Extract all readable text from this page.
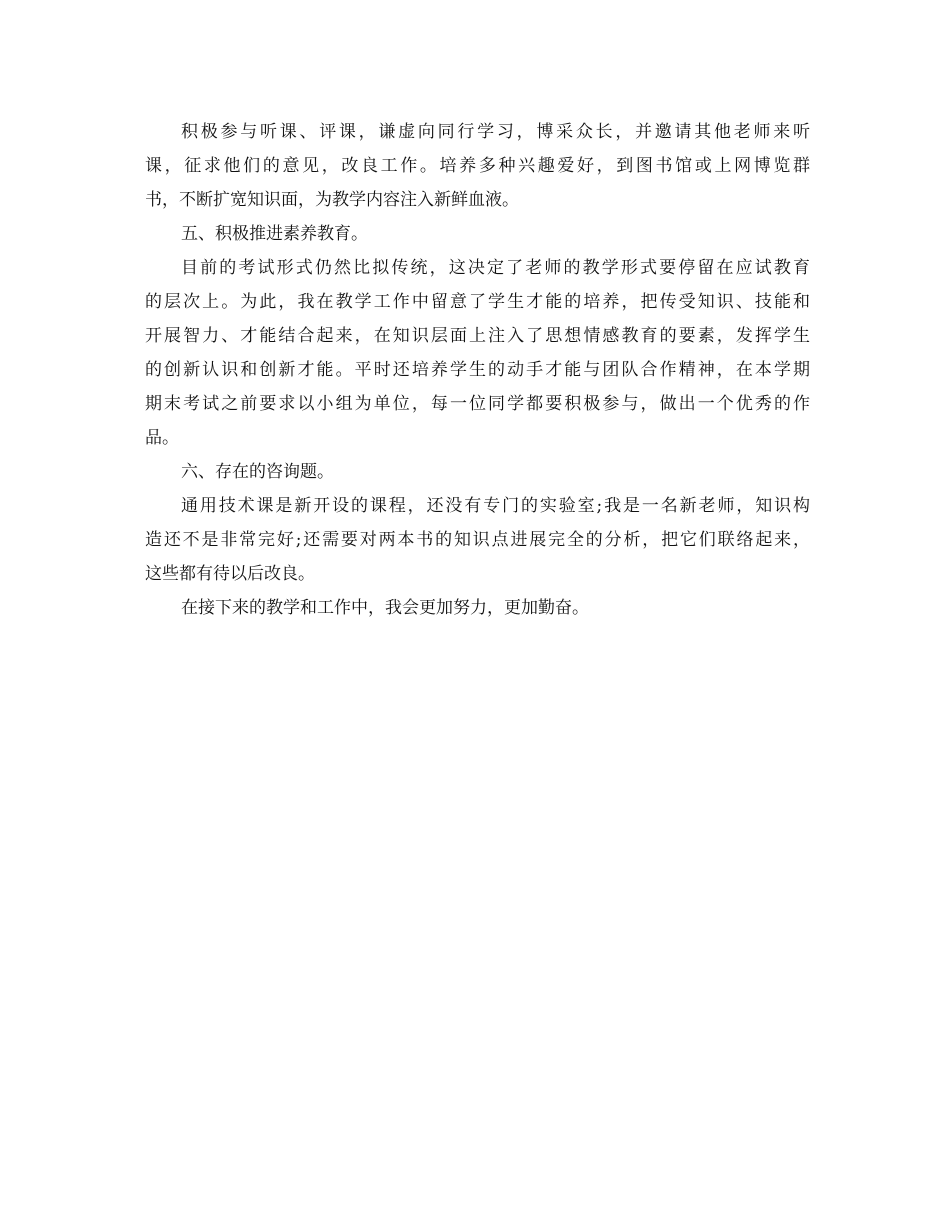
积极参与听课、评课，谦虚向同行学习，博采众长，并邀请其他老师来听
课，征求他们的意见，改良工作。培养多种兴趣爱好，到图书馆或上网博览群
书，不断扩宽知识面，为教学内容注入新鲜血液。
五、积极推进素养教育。
目前的考试形式仍然比拟传统，这决定了老师的教学形式要停留在应试教育
的层次上。为此，我在教学工作中留意了学生才能的培养，把传受知识、技能和
开展智力、才能结合起来，在知识层面上注入了思想情感教育的要素，发挥学生
的创新认识和创新才能。平时还培养学生的动手才能与团队合作精神，在本学期
期末考试之前要求以小组为单位，每一位同学都要积极参与，做出一个优秀的作
品。
六、存在的咨询题。
通用技术课是新开设的课程，还没有专门的实验室;我是一名新老师，知识构
造还不是非常完好;还需要对两本书的知识点进展完全的分析，把它们联络起来，
这些都有待以后改良。
在接下来的教学和工作中，我会更加努力，更加勤奋。
